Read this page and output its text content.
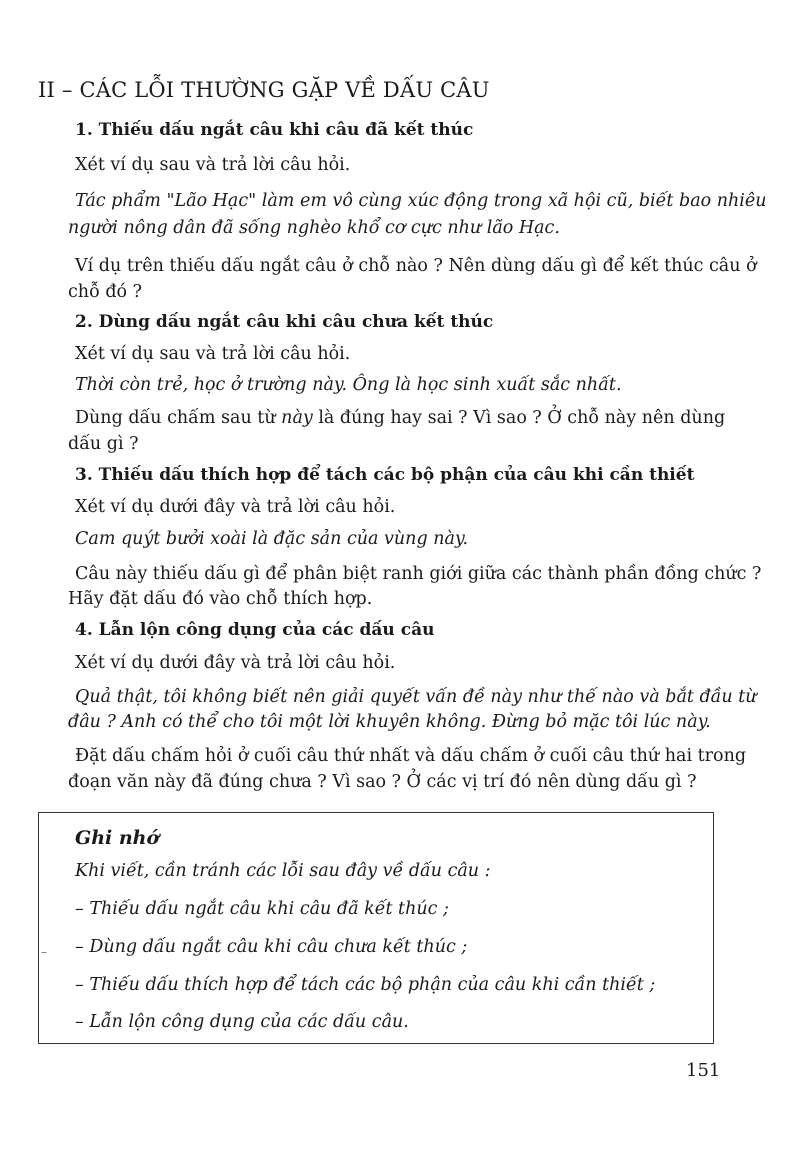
II – CÁC LỖI THƯỜNG GẶP VỀ DẤU CÂU

1. Thiếu dấu ngắt câu khi câu đã kết thúc

Xét ví dụ sau và trả lời câu hỏi.

Tác phẩm "Lão Hạc" làm em vô cùng xúc động trong xã hội cũ, biết bao nhiêu

người nông dân đã sống nghèo khổ cơ cực như lão Hạc.

Ví dụ trên thiếu dấu ngắt câu ở chỗ nào ? Nên dùng dấu gì để kết thúc câu ở

chỗ đó ?

2. Dùng dấu ngắt câu khi câu chưa kết thúc

Xét ví dụ sau và trả lời câu hỏi.

Thời còn trẻ, học ở trường này. Ông là học sinh xuất sắc nhất.

Dùng dấu chấm sau từ này là đúng hay sai ? Vì sao ? Ở chỗ này nên dùng

dấu gì ?

3. Thiếu dấu thích hợp để tách các bộ phận của câu khi cần thiết

Xét ví dụ dưới đây và trả lời câu hỏi.

Cam quýt bưởi xoài là đặc sản của vùng này.

Câu này thiếu dấu gì để phân biệt ranh giới giữa các thành phần đồng chức ?

Hãy đặt dấu đó vào chỗ thích hợp.

4. Lẫn lộn công dụng của các dấu câu

Xét ví dụ dưới đây và trả lời câu hỏi.

Quả thật, tôi không biết nên giải quyết vấn đề này như thế nào và bắt đầu từ

đâu ? Anh có thể cho tôi một lời khuyên không. Đừng bỏ mặc tôi lúc này.

Đặt dấu chấm hỏi ở cuối câu thứ nhất và dấu chấm ở cuối câu thứ hai trong

đoạn văn này đã đúng chưa ? Vì sao ? Ở các vị trí đó nên dùng dấu gì ?

Ghi nhớ
Khi viết, cần tránh các lỗi sau đây về dấu câu :
– Thiếu dấu ngắt câu khi câu đã kết thúc ;
– – Dùng dấu ngắt câu khi câu chưa kết thúc ;
– Thiếu dấu thích hợp để tách các bộ phận của câu khi cần thiết ;
– Lẫn lộn công dụng của các dấu câu.
151
